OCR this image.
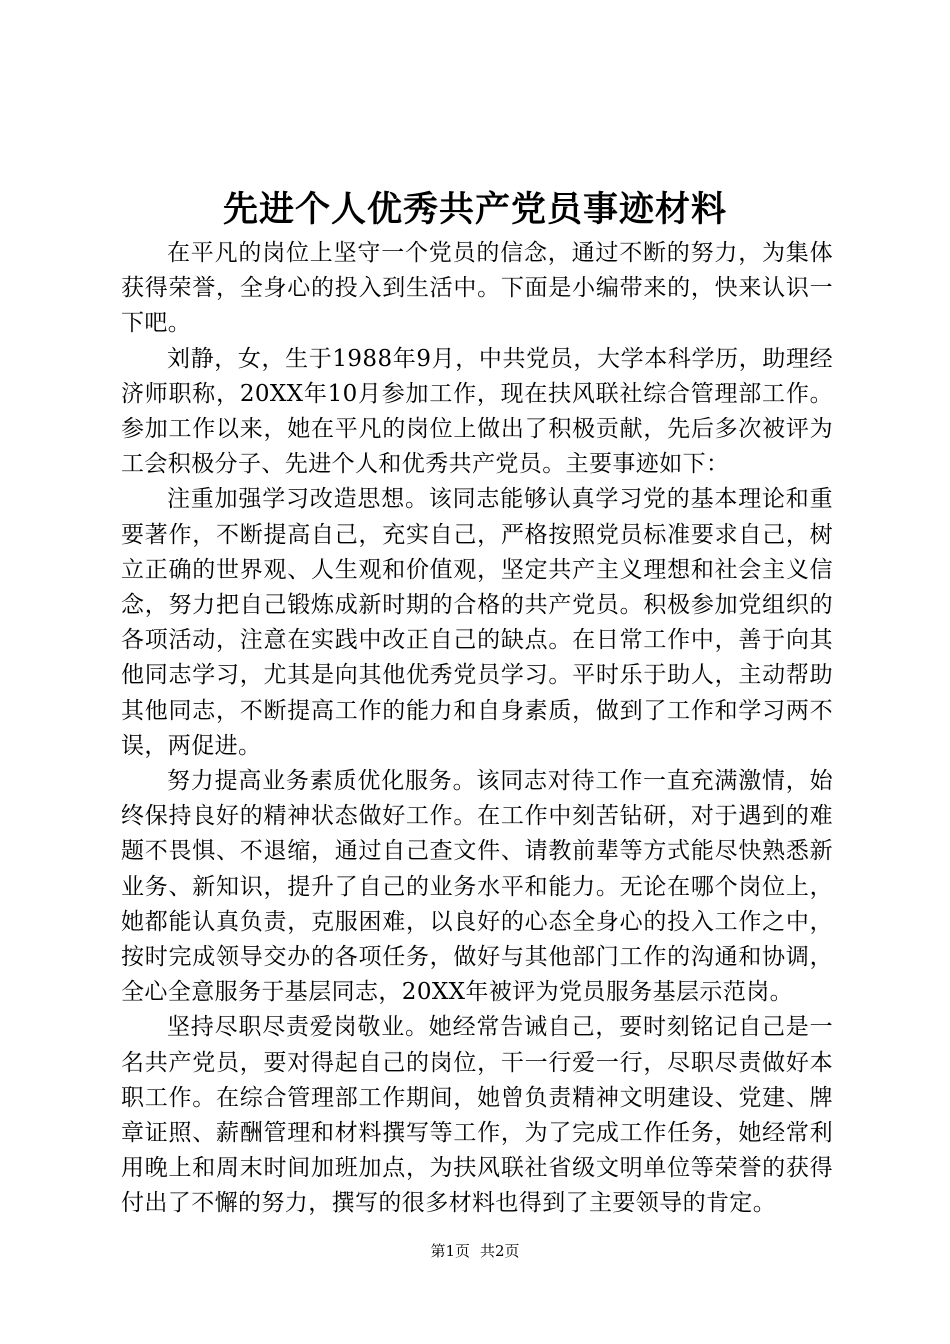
先进个人优秀共产党员事迹材料

在平凡的岗位上坚守一个党员的信念，通过不断的努力，为集体获得荣誉，全身心的投入到生活中。下面是小编带来的，快来认识一下吧。

刘静，女，生于1988年9月，中共党员，大学本科学历，助理经济师职称，20XX年10月参加工作，现在扶风联社综合管理部工作。参加工作以来，她在平凡的岗位上做出了积极贡献，先后多次被评为工会积极分子、先进个人和优秀共产党员。主要事迹如下：

注重加强学习改造思想。该同志能够认真学习党的基本理论和重要著作，不断提高自己，充实自己，严格按照党员标准要求自己，树立正确的世界观、人生观和价值观，坚定共产主义理想和社会主义信念，努力把自己锻炼成新时期的合格的共产党员。积极参加党组织的各项活动，注意在实践中改正自己的缺点。在日常工作中，善于向其他同志学习，尤其是向其他优秀党员学习。平时乐于助人，主动帮助其他同志，不断提高工作的能力和自身素质，做到了工作和学习两不误，两促进。

努力提高业务素质优化服务。该同志对待工作一直充满激情，始终保持良好的精神状态做好工作。在工作中刻苦钻研，对于遇到的难题不畏惧、不退缩，通过自己查文件、请教前辈等方式能尽快熟悉新业务、新知识，提升了自己的业务水平和能力。无论在哪个岗位上，她都能认真负责，克服困难，以良好的心态全身心的投入工作之中，按时完成领导交办的各项任务，做好与其他部门工作的沟通和协调，全心全意服务于基层同志，20XX年被评为党员服务基层示范岗。

坚持尽职尽责爱岗敬业。她经常告诫自己，要时刻铭记自己是一名共产党员，要对得起自己的岗位，干一行爱一行，尽职尽责做好本职工作。在综合管理部工作期间，她曾负责精神文明建设、党建、牌章证照、薪酬管理和材料撰写等工作，为了完成工作任务，她经常利用晚上和周末时间加班加点，为扶风联社省级文明单位等荣誉的获得付出了不懈的努力，撰写的很多材料也得到了主要领导的肯定。

第1页 共2页
